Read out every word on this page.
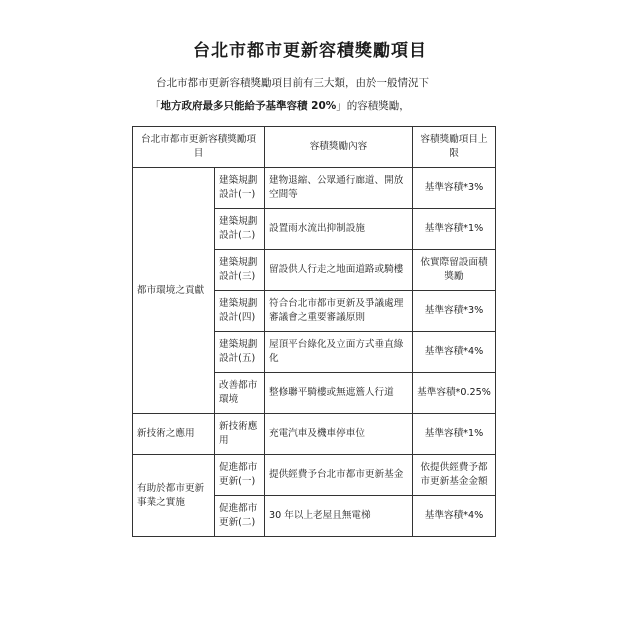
台北市都市更新容積獎勵項目
台北市都市更新容積獎勵項目前有三大類，由於一般情況下
「地方政府最多只能給予基準容積 20%」的容積獎勵，
台北市都市更新容積獎勵項目		容積獎勵內容	容積獎勵項目上限
都市環境之貢獻	建築規劃設計(一)	建物退縮、公眾通行廊道、開放空間等	基準容積*3%
	建築規劃設計(二)	設置雨水流出抑制設施	基準容積*1%
	建築規劃設計(三)	留設供人行走之地面道路或騎樓	依實際留設面積獎勵
	建築規劃設計(四)	符合台北市都市更新及爭議處理審議會之重要審議原則	基準容積*3%
	建築規劃設計(五)	屋頂平台綠化及立面方式垂直綠化	基準容積*4%
	改善都市環境	整修聯平騎樓或無遮簷人行道	基準容積*0.25%
新技術之應用	新技術應用	充電汽車及機車停車位	基準容積*1%
有助於都市更新事業之實施	促進都市更新(一)	提供經費予台北市都市更新基金	依提供經費予都市更新基金金額
	促進都市更新(二)	30 年以上老屋且無電梯	基準容積*4%
